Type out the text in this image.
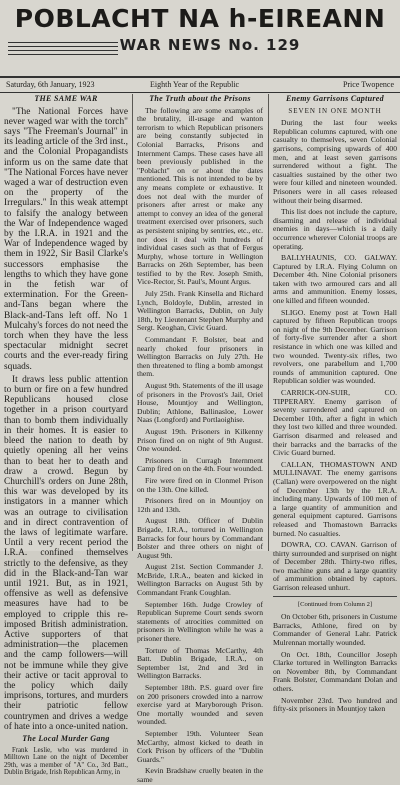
POBLACHT NA h-EIREANN
WAR NEWS No. 129
Saturday, 6th January, 1923	Eighth Year of the Republic	Price Twopence
THE SAME WAR

"The National Forces have never waged war with the torch" says "The Freeman's Journal" in its leading article of the 3rd inst., and the Colonial Propagandists inform us on the same date that "The National Forces have never waged a war of destruction even on the property of the Irregulars." In this weak attempt to falsify the analogy between the War of Independence waged by the I.R.A. in 1921 and the War of Independence waged by them in 1922, Sir Basil Clarke's successors emphasise the lengths to which they have gone in the fetish war of extermination. For the Green-and-Tans began where the Black-and-Tans left off. No 1 Mulcahy's forces do not need the torch when they have the less spectacular midnight secret courts and the ever-ready firing squads.

It draws less public attention to burn or fire on a few hundred Republicans housed close together in a prison courtyard than to bomb them individually in their homes. It is easier to bleed the nation to death by quietly opening all her veins than to beat her to death and draw a crowd. Begun by Churchill's orders on June 28th, this war was developed by its instigators in a manner which was an outrage to civilisation and in direct contravention of the laws of legitimate warfare. Until a very recent period the I.R.A. confined themselves strictly to the defensive, as they did in the Black-and-Tan war until 1921. But, as in 1921, offensive as well as defensive measures have had to be employed to cripple this re-imposed British administration. Active supporters of that administration—the placemen and the camp followers—will not be immune while they give their active or tacit approval to the policy which daily imprisons, tortures, and murders their patriotic fellow countrymen and drives a wedge of hate into a once-united nation.

The Local Murder Gang

Frank Leslie, who was murdered in Milltown Lane on the night of December 29th, was a member of "A" Co., 3rd Batt., Dublin Brigade, Irish Republican Army, in

The Truth about the Prisons

The following are some examples of the brutality, ill-usage and wanton terrorism to which Republican prisoners are being constantly subjected in Colonial Barracks, Prisons and Internment Camps. These cases have all been previously published in the "Poblacht" on or about the dates mentioned. This is not intended to be by any means complete or exhaustive. It does not deal with the murder of prisoners after arrest or make any attempt to convey an idea of the general treatment exercised over prisoners, such as persistent sniping by sentries, etc., etc. nor does it deal with hundreds of individual cases such as that of Fergus Murphy, whose torture in Wellington Barracks on 26th September, has been testified to by the Rev. Joseph Smith, Vice-Rector, St. Paul's, Mount Argus.

July 25th. Frank Kinsella and Richard Lynch, Boldoyle, Dublin, arrested in Wellington Barracks, Dublin, on July 18th, by Lieutenant Stephen Murphy and Sergt. Keoghan, Civic Guard.

Commandant F. Bolster, beat and nearly choked four prisoners in Wellington Barracks on July 27th. He then threatened to fling a bomb amongst them.

August 9th. Statements of the ill usage of prisoners in the Provost's Jail, Oriel House, Mountjoy and Wellington, Dublin; Athlone, Ballinasloe, Lower Naas (Longford) and Portlaoighise.

August 19th. Prisoners in Kilkenny Prison fired on on night of 9th August. One wounded.

Prisoners in Curragh Internment Camp fired on on the 4th. Four wounded.

Fire were fired on in Clonmel Prison on the 13th. One killed.

Prisoners fired on in Mountjoy on 12th and 13th.

August 18th. Officer of Dublin Brigade, I.R.A., tortured in Wellington Barracks for four hours by Commandant Bolster and three others on night of August 9th.

August 21st. Section Commander J. McBride, I.R.A., beaten and kicked in Wellington Barracks on August 5th by Commandant Frank Coughlan.

September 16th. Judge Crowley of Republican Supreme Court sends sworn statements of atrocities committed on prisoners in Wellington while he was a prisoner there.

Torture of Thomas McCarthy, 4th Batt. Dublin Brigade, I.R.A., on September 1st, 2nd and 3rd in Wellington Barracks.

September 18th. P.S. guard over fire on 200 prisoners crowded into a narrow exercise yard at Maryborough Prison. One mortally wounded and seven wounded.

September 19th. Volunteer Sean McCarthy, almost kicked to death in Cork Prison by officers of the "Dublin Guards."

Kevin Bradshaw cruelly beaten in the same

Enemy Garrisons Captured
SEVEN IN ONE MONTH

During the last four weeks Republican columns captured, with one casualty to themselves, seven Colonial garrisons, comprising upwards of 400 men, and at least seven garrisons surrendered without a fight. The casualties sustained by the other two were four killed and nineteen wounded. Prisoners were in all cases released without their being disarmed.

This list does not include the capture, disarming and release of individual enemies in days—which is a daily occurrence wherever Colonial troops are operating.

BALLYHAUNIS, CO. GALWAY. Captured by I.R.A. Flying Column on December 4th. Nine Colonial prisoners taken with two armoured cars and all arms and ammunition. Enemy losses, one killed and fifteen wounded.

SLIGO. Enemy post at Town Hall captured by fifteen Republican troops on night of the 9th December. Garrison of forty-five surrender after a short resistance in which one was killed and two wounded. Twenty-six rifles, two revolvers, one parabellum and 1,700 rounds of ammunition captured. One Republican soldier was wounded.

CARRICK-ON-SUIR, CO. TIPPERARY. Enemy garrison of seventy surrendered and captured on December 10th, after a fight in which they lost two killed and three wounded. Garrison disarmed and released and their barracks and the barracks of the Civic Guard burned.

CALLAN, THOMASTOWN AND MULLINAVAT. The enemy garrisons (Callan) were overpowered on the night of December 13th by the I.R.A. including many. Upwards of 100 men of a large quantity of ammunition and general equipment captured. Garrisons released and Thomastown Barracks burned. No casualties.

DOWRA, CO. CAVAN. Garrison of thirty surrounded and surprised on night of December 28th. Thirty-two rifles, two machine guns and a large quantity of ammunition obtained by captors. Garrison released unhurt.

[Continued from Column 2]

On October 6th, prisoners in Custume Barracks, Athlone, fired on by Commander of General Lahr. Patrick Mulrennan mortally wounded.

On Oct. 18th, Councillor Joseph Clarke tortured in Wellington Barracks on November 8th, by Commandant Frank Bolster, Commandant Dolan and others.

November 23rd. Two hundred and fifty-six prisoners in Mountjoy taken
